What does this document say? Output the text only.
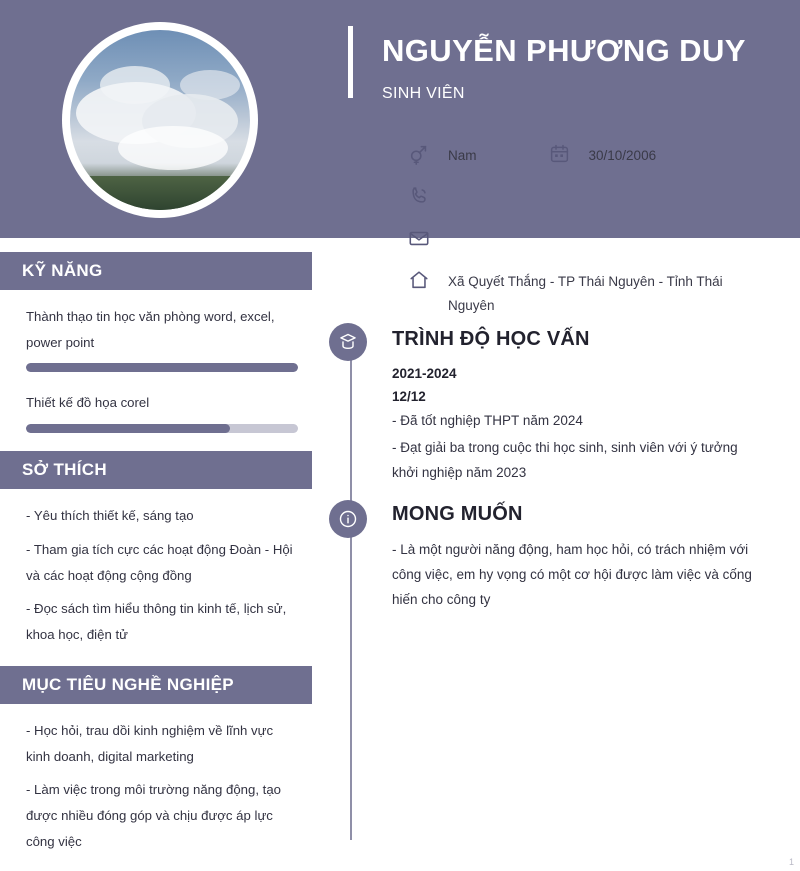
NGUYỄN PHƯƠNG DUY
SINH VIÊN
Nam	30/10/2006
Xã Quyết Thắng - TP Thái Nguyên - Tỉnh Thái Nguyên
KỸ NĂNG

Thành thạo tin học văn phòng word, excel, power point

Thiết kế đồ họa corel

SỞ THÍCH

- Yêu thích thiết kế, sáng tạo

- Tham gia tích cực các hoạt động Đoàn - Hội và các hoạt động cộng đồng

- Đọc sách tìm hiểu thông tin kinh tế, lịch sử, khoa học, điện tử

MỤC TIÊU NGHỀ NGHIỆP

- Học hỏi, trau dồi kinh nghiệm về lĩnh vực kinh doanh, digital marketing

- Làm việc trong môi trường năng động, tạo được nhiều đóng góp và chịu được áp lực công việc

TRÌNH ĐỘ HỌC VẤN
2021-2024
12/12

- Đã tốt nghiệp THPT năm 2024

- Đạt giải ba trong cuộc thi học sinh, sinh viên với ý tưởng khởi nghiệp năm 2023

MONG MUỐN

- Là một người năng động, ham học hỏi, có trách nhiệm với công việc, em hy vọng có một cơ hội được làm việc và cống hiến cho công ty

1
